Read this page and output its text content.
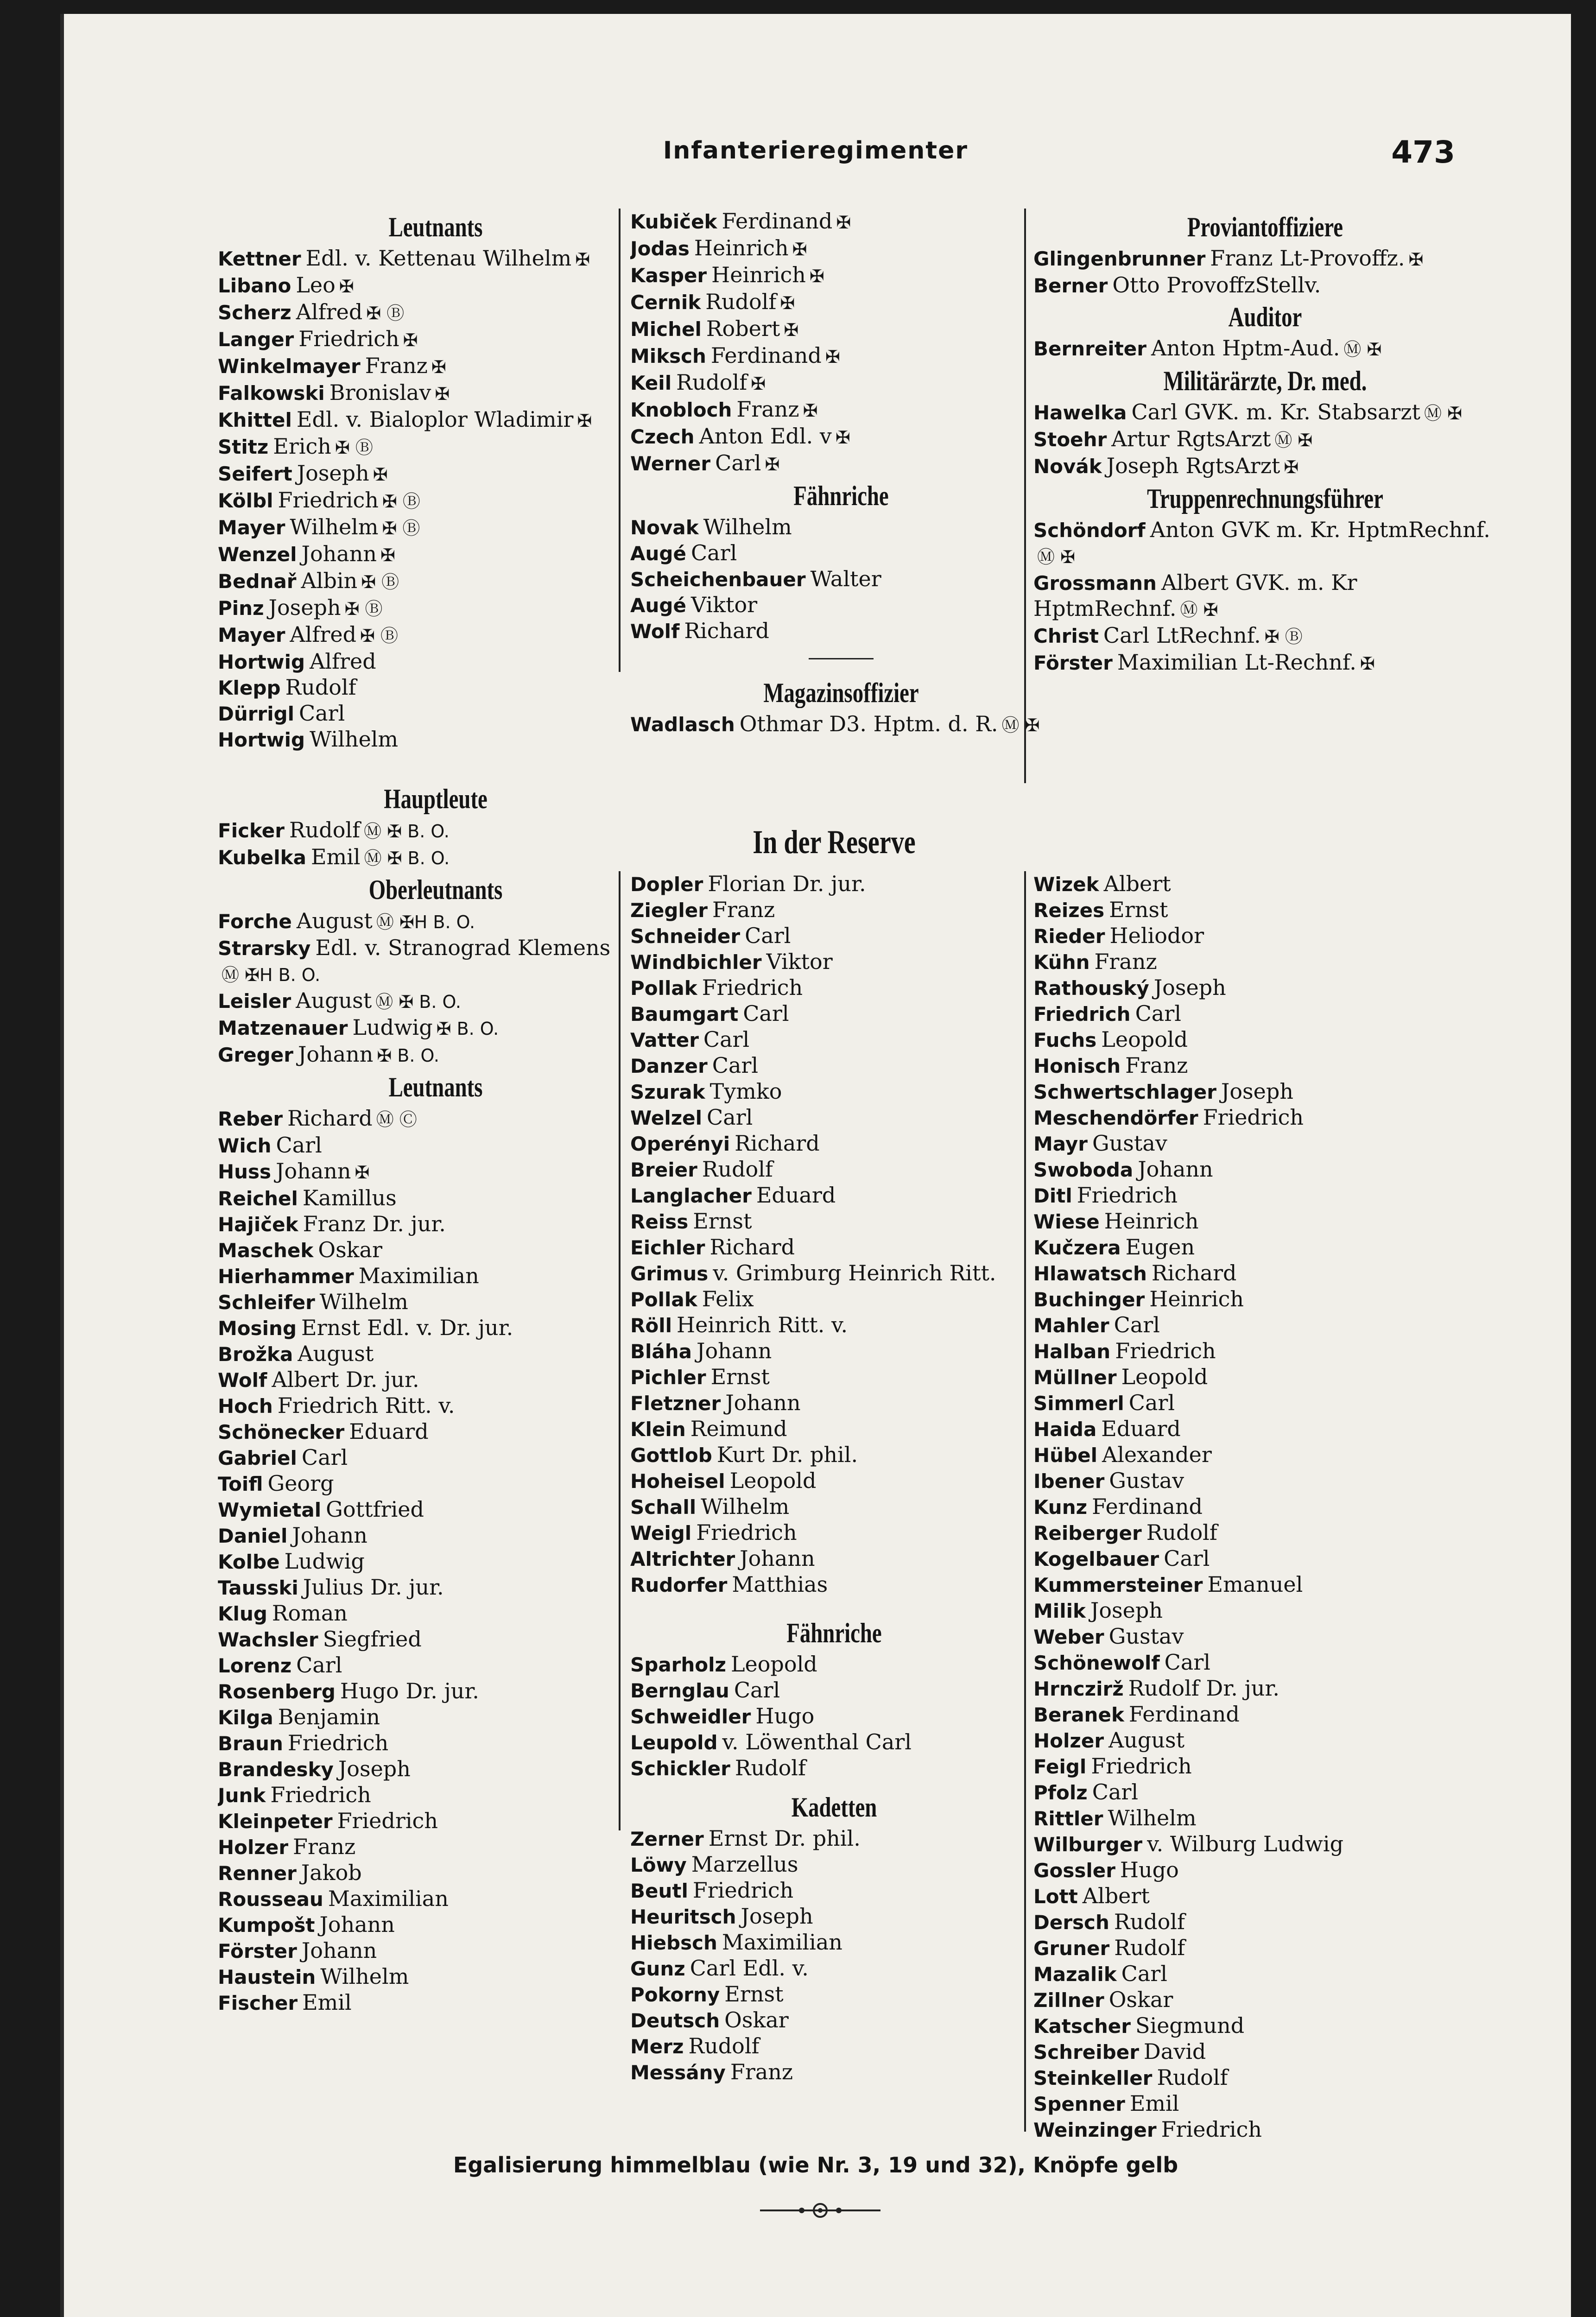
Infanterieregimenter	473
Leutnants
Kettner Edl. v. Kettenau Wilhelm ✠
Libano Leo ✠
Scherz Alfred ✠ Ⓑ
Langer Friedrich ✠
Winkelmayer Franz ✠
Falkowski Bronislav ✠
Khittel Edl. v. Bialoplor Wladimir ✠
Stitz Erich ✠ Ⓑ
Seifert Joseph ✠
Kölbl Friedrich ✠ Ⓑ
Mayer Wilhelm ✠ Ⓑ
Wenzel Johann ✠
Bednař Albin ✠ Ⓑ
Pinz Joseph ✠ Ⓑ
Mayer Alfred ✠ Ⓑ
Hortwig Alfred
Klepp Rudolf
Dürrigl Carl
Hortwig Wilhelm
Hauptleute
Ficker Rudolf Ⓜ ✠ B. O.
Kubelka Emil Ⓜ ✠ B. O.
Oberleutnants
Forche August Ⓜ ✠H B. O.
Strarsky Edl. v. Stranograd KlemensⓂ ✠H B. O.
Leisler August Ⓜ ✠ B. O.
Matzenauer Ludwig ✠ B. O.
Greger Johann ✠ B. O.
Leutnants
Reber Richard Ⓜ Ⓒ
Wich Carl
Huss Johann ✠
Reichel Kamillus
Hajiček Franz Dr. jur.
Maschek Oskar
Hierhammer Maximilian
Schleifer Wilhelm
Mosing Ernst Edl. v. Dr. jur.
Brožka August
Wolf Albert Dr. jur.
Hoch Friedrich Ritt. v.
Schönecker Eduard
Gabriel Carl
Toifl Georg
Wymietal Gottfried
Daniel Johann
Kolbe Ludwig
Tausski Julius Dr. jur.
Klug Roman
Wachsler Siegfried
Lorenz Carl
Rosenberg Hugo Dr. jur.
Kilga Benjamin
Braun Friedrich
Brandesky Joseph
Junk Friedrich
Kleinpeter Friedrich
Holzer Franz
Renner Jakob
Rousseau Maximilian
Kumpošt Johann
Förster Johann
Haustein Wilhelm
Fischer Emil
Kubiček Ferdinand ✠
Jodas Heinrich ✠
Kasper Heinrich ✠
Cernik Rudolf ✠
Michel Robert ✠
Miksch Ferdinand ✠
Keil Rudolf ✠
Knobloch Franz ✠
Czech Anton Edl. v ✠
Werner Carl ✠
Fähnriche
Novak Wilhelm
Augé Carl
Scheichenbauer Walter
Augé Viktor
Wolf Richard
Magazinsoffizier
Wadlasch Othmar D3. Hptm. d. R. Ⓜ ✠
In der Reserve
Dopler Florian Dr. jur.
Ziegler Franz
Schneider Carl
Windbichler Viktor
Pollak Friedrich
Baumgart Carl
Vatter Carl
Danzer Carl
Szurak Tymko
Welzel Carl
Operényi Richard
Breier Rudolf
Langlacher Eduard
Reiss Ernst
Eichler Richard
Grimus v. Grimburg Heinrich Ritt.
Pollak Felix
Röll Heinrich Ritt. v.
Bláha Johann
Pichler Ernst
Fletzner Johann
Klein Reimund
Gottlob Kurt Dr. phil.
Hoheisel Leopold
Schall Wilhelm
Weigl Friedrich
Altrichter Johann
Rudorfer Matthias
Fähnriche
Sparholz Leopold
Bernglau Carl
Schweidler Hugo
Leupold v. Löwenthal Carl
Schickler Rudolf
Kadetten
Zerner Ernst Dr. phil.
Löwy Marzellus
Beutl Friedrich
Heuritsch Joseph
Hiebsch Maximilian
Gunz Carl Edl. v.
Pokorny Ernst
Deutsch Oskar
Merz Rudolf
Messány Franz
Proviantoffiziere
Glingenbrunner Franz Lt-Provoffz. ✠
Berner Otto ProvoffzStellv.
Auditor
Bernreiter Anton Hptm-Aud. Ⓜ ✠
Militärärzte, Dr. med.
Hawelka Carl GVK. m. Kr. Stabsarzt Ⓜ ✠
Stoehr Artur RgtsArzt Ⓜ ✠
Novák Joseph RgtsArzt ✠
Truppenrechnungsführer
Schöndorf Anton GVK m. Kr. HptmRechnf.Ⓜ ✠
Grossmann Albert GVK. m. Kr HptmRechnf. Ⓜ ✠
Christ Carl LtRechnf. ✠ Ⓑ
Förster Maximilian Lt-Rechnf. ✠
Wizek Albert
Reizes Ernst
Rieder Heliodor
Kühn Franz
Rathouský Joseph
Friedrich Carl
Fuchs Leopold
Honisch Franz
Schwertschlager Joseph
Meschendörfer Friedrich
Mayr Gustav
Swoboda Johann
Ditl Friedrich
Wiese Heinrich
Kučzera Eugen
Hlawatsch Richard
Buchinger Heinrich
Mahler Carl
Halban Friedrich
Müllner Leopold
Simmerl Carl
Haida Eduard
Hübel Alexander
Ibener Gustav
Kunz Ferdinand
Reiberger Rudolf
Kogelbauer Carl
Kummersteiner Emanuel
Milik Joseph
Weber Gustav
Schönewolf Carl
Hrnczirž Rudolf Dr. jur.
Beranek Ferdinand
Holzer August
Feigl Friedrich
Pfolz Carl
Rittler Wilhelm
Wilburger v. Wilburg Ludwig
Gossler Hugo
Lott Albert
Dersch Rudolf
Gruner Rudolf
Mazalik Carl
Zillner Oskar
Katscher Siegmund
Schreiber David
Steinkeller Rudolf
Spenner Emil
Weinzinger Friedrich
Egalisierung himmelblau (wie Nr. 3, 19 und 32), Knöpfe gelb
